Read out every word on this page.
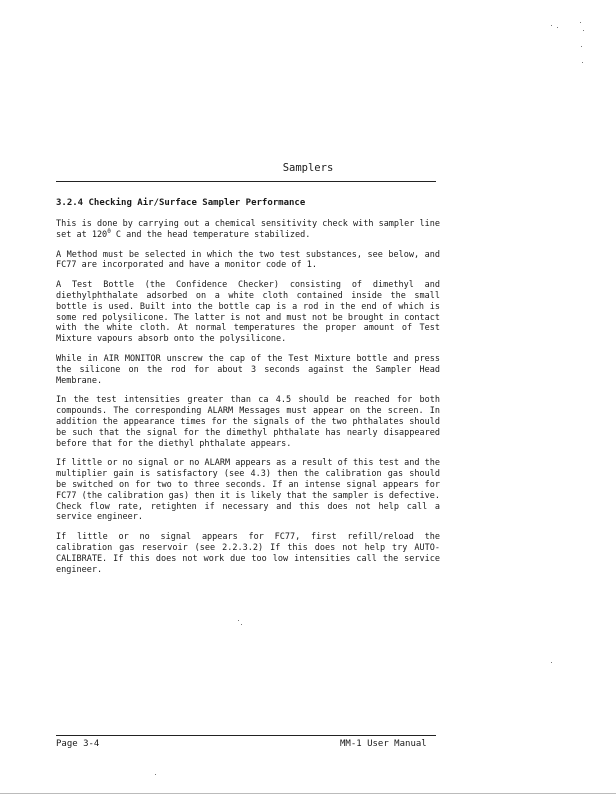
Samplers
3.2.4 Checking Air/Surface Sampler Performance

This is done by carrying out a chemical sensitivity check with sampler line set at $120^0$ C and the head temperature stabilized.

A Method must be selected in which the two test substances, see below, and FC77 are incorporated and have a monitor code of 1.

A Test Bottle (the Confidence Checker) consisting of dimethyl and diethylphthalate adsorbed on a white cloth contained inside the small bottle is used. Built into the bottle cap is a rod in the end of which is some red polysilicone. The latter is not and must not be brought in contact with the white cloth. At normal temperatures the proper amount of Test Mixture vapours absorb onto the polysilicone.

While in AIR MONITOR unscrew the cap of the Test Mixture bottle and press the silicone on the rod for about 3 seconds against the Sampler Head Membrane.

In the test intensities greater than ca 4.5 should be reached for both compounds. The corresponding ALARM Messages must appear on the screen. In addition the appearance times for the signals of the two phthalates should be such that the signal for the dimethyl phthalate has nearly disappeared before that for the diethyl phthalate appears.

If little or no signal or no ALARM appears as a result of this test and the multiplier gain is satisfactory (see 4.3) then the calibration gas should be switched on for two to three seconds. If an intense signal appears for FC77 (the calibration gas) then it is likely that the sampler is defective. Check flow rate, retighten if necessary and this does not help call a service engineer.

If little or no signal appears for FC77, first refill/reload the calibration gas reservoir (see 2.2.3.2) If this does not help try AUTO-CALIBRATE. If this does not work due too low intensities call the service engineer.

Page 3-4	MM-1 User Manual
